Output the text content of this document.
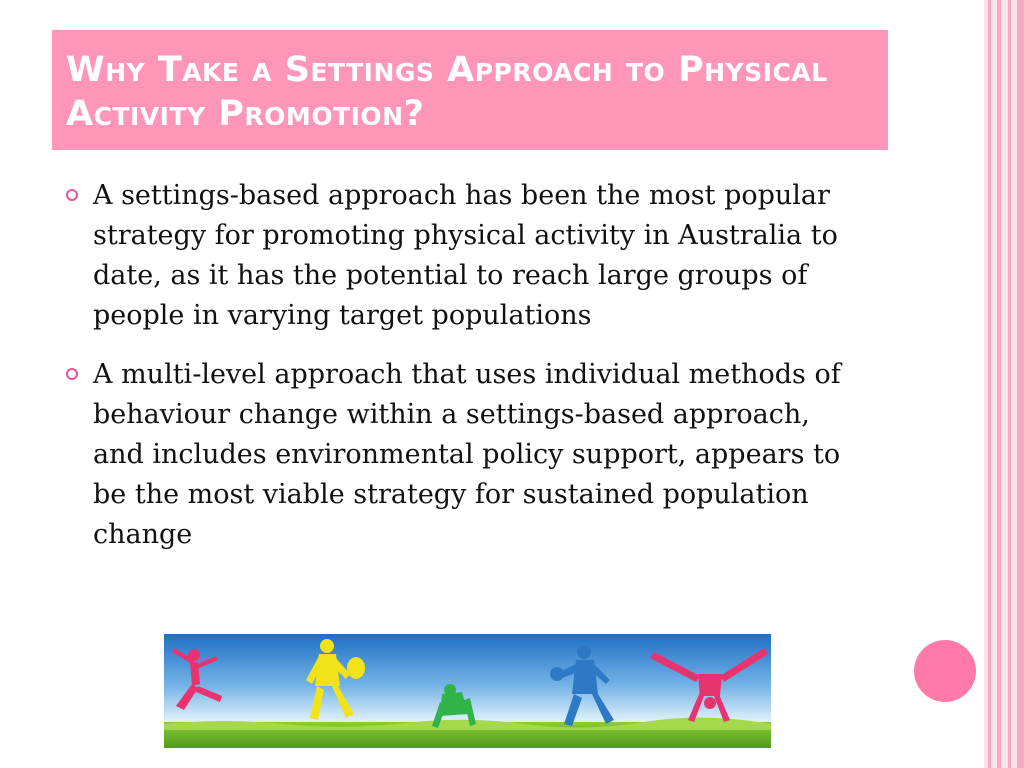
Why Take a Settings Approach to Physical Activity Promotion?
A settings-based approach has been the most popular strategy for promoting physical activity in Australia to date, as it has the potential to reach large groups of people in varying target populations
A multi-level approach that uses individual methods of behaviour change within a settings-based approach, and includes environmental policy support, appears to be the most viable strategy for sustained population change
